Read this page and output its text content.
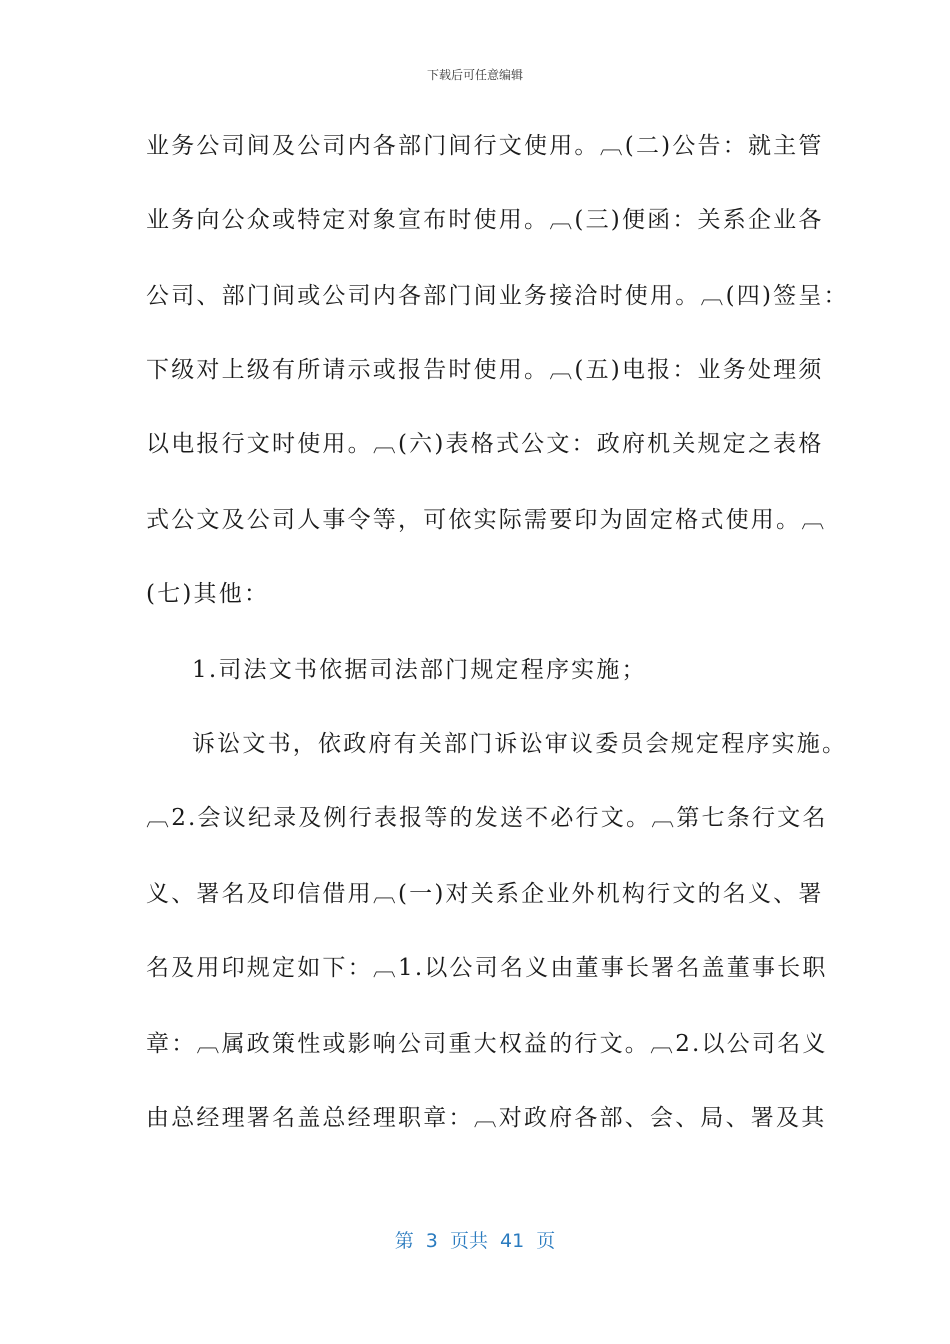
下载后可任意编辑
业务公司间及公司内各部门间行文使用。︹(二)公告：就主管
业务向公众或特定对象宣布时使用。︹(三)便函：关系企业各
公司、部门间或公司内各部门间业务接洽时使用。︹(四)签呈：
下级对上级有所请示或报告时使用。︹(五)电报：业务处理须
以电报行文时使用。︹(六)表格式公文：政府机关规定之表格
式公文及公司人事令等，可依实际需要印为固定格式使用。︹
(七)其他：
1.司法文书依据司法部门规定程序实施；
诉讼文书，依政府有关部门诉讼审议委员会规定程序实施。
︹2.会议纪录及例行表报等的发送不必行文。︹第七条行文名
义、署名及印信借用︹(一)对关系企业外机构行文的名义、署
名及用印规定如下：︹1.以公司名义由董事长署名盖董事长职
章：︹属政策性或影响公司重大权益的行文。︹2.以公司名义
由总经理署名盖总经理职章：︹对政府各部、会、局、署及其
第  3  页共  41  页
